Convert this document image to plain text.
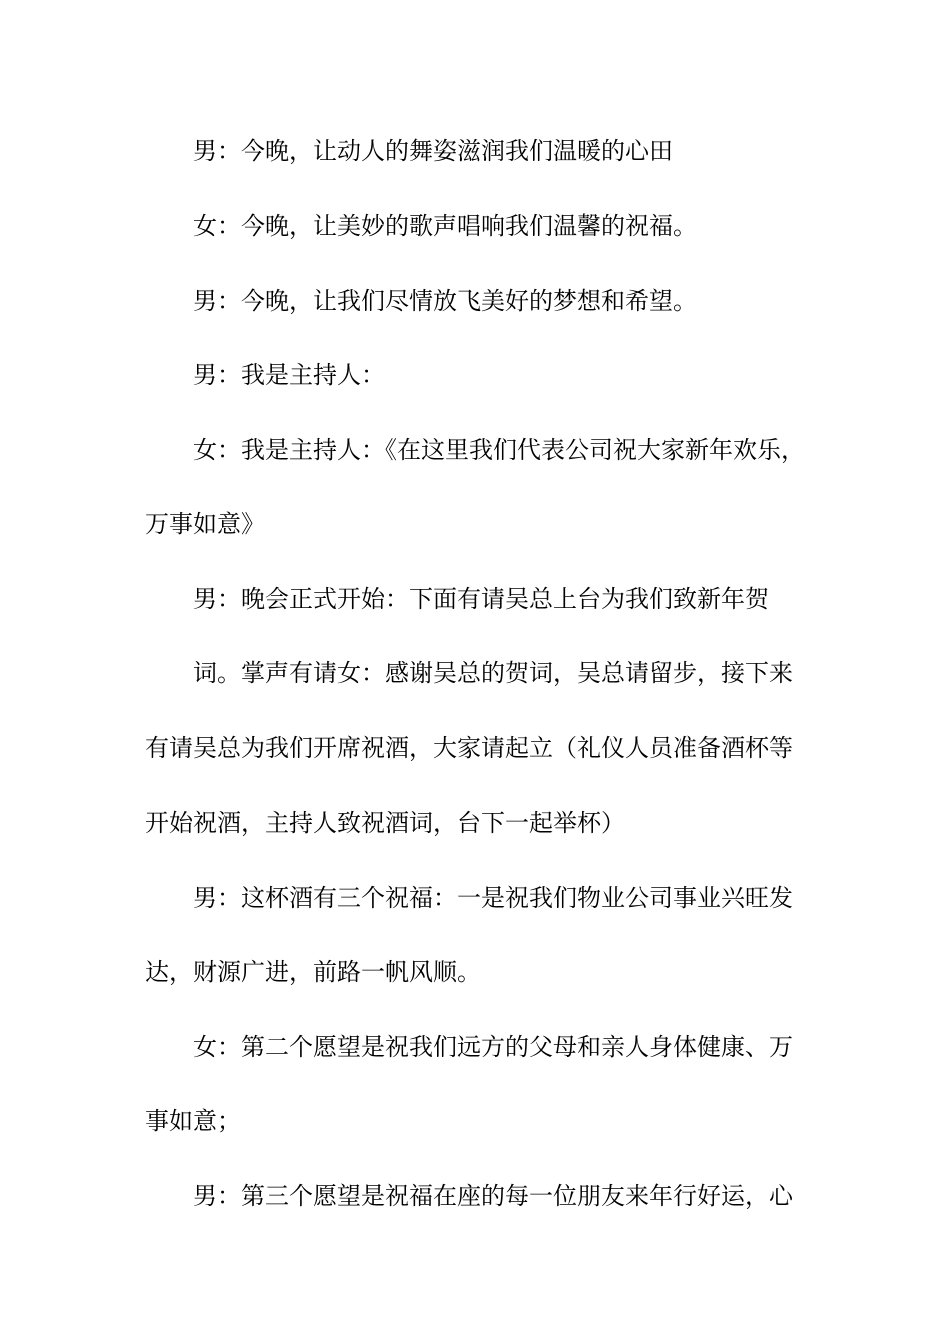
男：今晚，让动人的舞姿滋润我们温暖的心田
女：今晚，让美妙的歌声唱响我们温馨的祝福。
男：今晚，让我们尽情放飞美好的梦想和希望。
男：我是主持人：
女：我是主持人：《在这里我们代表公司祝大家新年欢乐，
万事如意》
男：晚会正式开始：下面有请吴总上台为我们致新年贺
词。掌声有请女：感谢吴总的贺词，吴总请留步，接下来
有请吴总为我们开席祝酒，大家请起立（礼仪人员准备酒杯等
开始祝酒，主持人致祝酒词，台下一起举杯）
男：这杯酒有三个祝福：一是祝我们物业公司事业兴旺发
达，财源广进，前路一帆风顺。
女：第二个愿望是祝我们远方的父母和亲人身体健康、万
事如意；
男：第三个愿望是祝福在座的每一位朋友来年行好运，心
